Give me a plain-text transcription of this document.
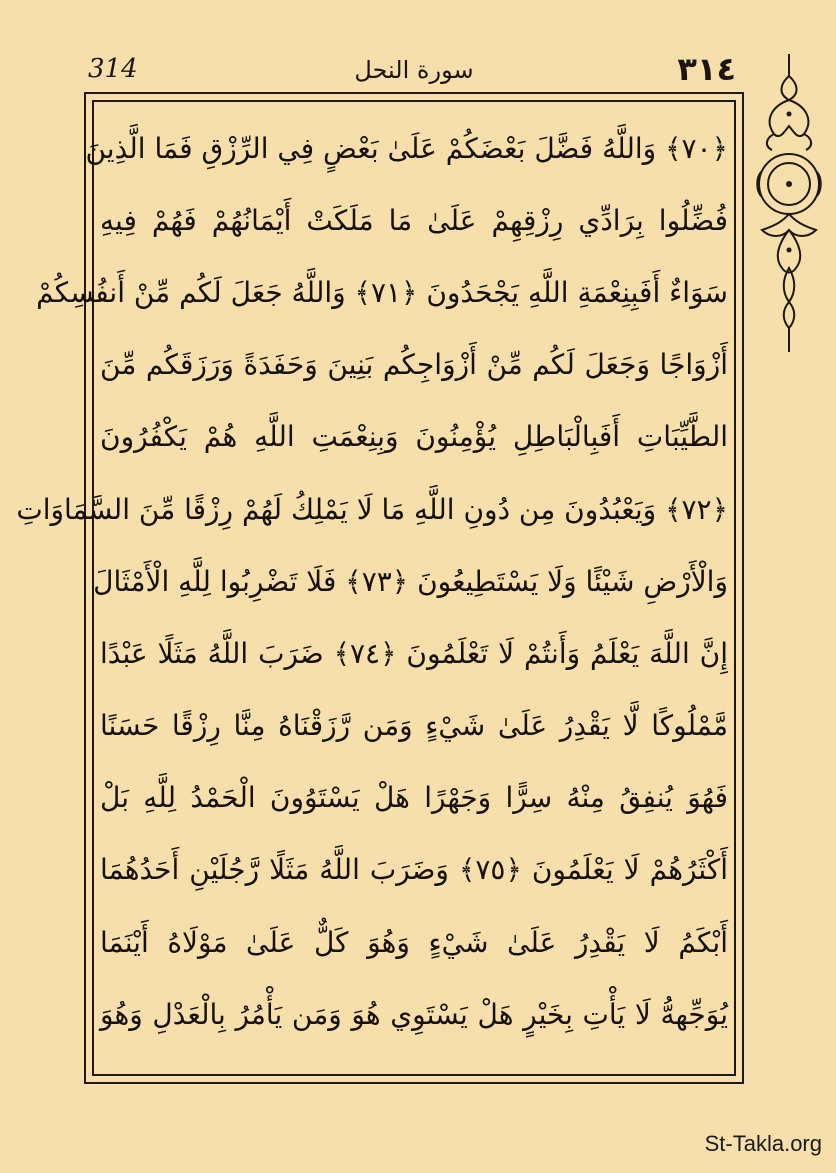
314	سورة النحل	٣١٤
﴿٧٠﴾ وَاللَّهُ فَضَّلَ بَعْضَكُمْ عَلَىٰ بَعْضٍ فِي الرِّزْقِ فَمَا الَّذِينَ
فُضِّلُوا بِرَادِّي رِزْقِهِمْ عَلَىٰ مَا مَلَكَتْ أَيْمَانُهُمْ فَهُمْ فِيهِ
سَوَاءٌ أَفَبِنِعْمَةِ اللَّهِ يَجْحَدُونَ ﴿٧١﴾ وَاللَّهُ جَعَلَ لَكُم مِّنْ أَنفُسِكُمْ
أَزْوَاجًا وَجَعَلَ لَكُم مِّنْ أَزْوَاجِكُم بَنِينَ وَحَفَدَةً وَرَزَقَكُم مِّنَ
الطَّيِّبَاتِ أَفَبِالْبَاطِلِ يُؤْمِنُونَ وَبِنِعْمَتِ اللَّهِ هُمْ يَكْفُرُونَ
﴿٧٢﴾ وَيَعْبُدُونَ مِن دُونِ اللَّهِ مَا لَا يَمْلِكُ لَهُمْ رِزْقًا مِّنَ السَّمَاوَاتِ
وَالْأَرْضِ شَيْئًا وَلَا يَسْتَطِيعُونَ ﴿٧٣﴾ فَلَا تَضْرِبُوا لِلَّهِ الْأَمْثَالَ
إِنَّ اللَّهَ يَعْلَمُ وَأَنتُمْ لَا تَعْلَمُونَ ﴿٧٤﴾ ضَرَبَ اللَّهُ مَثَلًا عَبْدًا
مَّمْلُوكًا لَّا يَقْدِرُ عَلَىٰ شَيْءٍ وَمَن رَّزَقْنَاهُ مِنَّا رِزْقًا حَسَنًا
فَهُوَ يُنفِقُ مِنْهُ سِرًّا وَجَهْرًا هَلْ يَسْتَوُونَ الْحَمْدُ لِلَّهِ بَلْ
أَكْثَرُهُمْ لَا يَعْلَمُونَ ﴿٧٥﴾ وَضَرَبَ اللَّهُ مَثَلًا رَّجُلَيْنِ أَحَدُهُمَا
أَبْكَمُ لَا يَقْدِرُ عَلَىٰ شَيْءٍ وَهُوَ كَلٌّ عَلَىٰ مَوْلَاهُ أَيْنَمَا
يُوَجِّههُّ لَا يَأْتِ بِخَيْرٍ هَلْ يَسْتَوِي هُوَ وَمَن يَأْمُرُ بِالْعَدْلِ وَهُوَ
St-Takla.org
